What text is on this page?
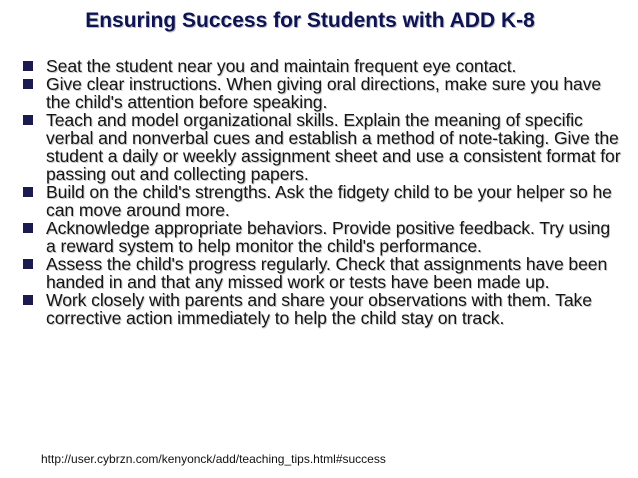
Ensuring Success for Students with ADD K-8
Seat the student near you and maintain frequent eye contact.
Give clear instructions. When giving oral directions, make sure you have the child's attention before speaking.
Teach and model organizational skills. Explain the meaning of specific verbal and nonverbal cues and establish a method of note-taking. Give the student a daily or weekly assignment sheet and use a consistent format for passing out and collecting papers.
Build on the child's strengths. Ask the fidgety child to be your helper so he can move around more.
Acknowledge appropriate behaviors. Provide positive feedback. Try using a reward system to help monitor the child's performance.
Assess the child's progress regularly. Check that assignments have been handed in and that any missed work or tests have been made up.
Work closely with parents and share your observations with them. Take corrective action immediately to help the child stay on track.
http://user.cybrzn.com/kenyonck/add/teaching_tips.html#success
